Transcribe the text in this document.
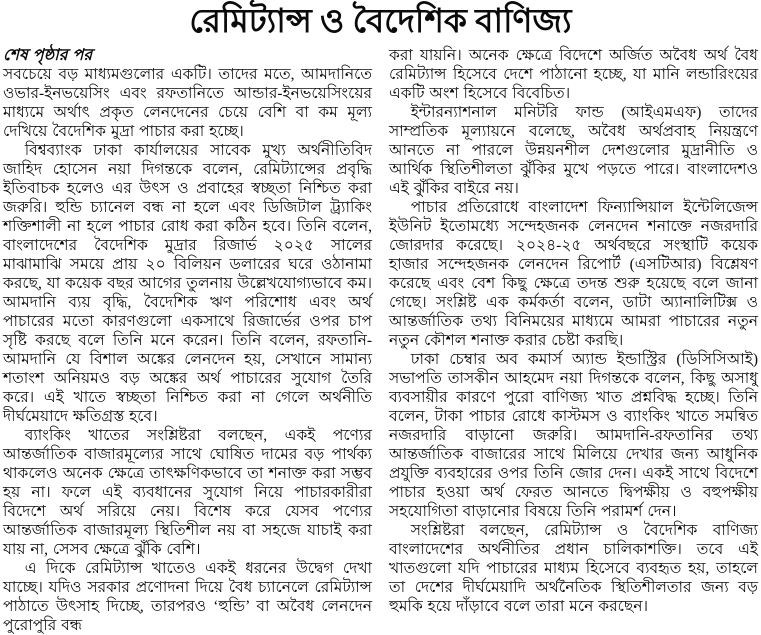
রেমিট্যান্স ও বৈদেশিক বাণিজ্য

শেষ পৃষ্ঠার পর

সবচেয়ে বড় মাধ্যমগুলোর একটি। তাদের মতে, আমদানিতে ওভার-ইনভয়েসিং এবং রফতানিতে আন্ডার-ইনভয়েসিংয়ের মাধ্যমে অর্থাৎ প্রকৃত লেনদেনের চেয়ে বেশি বা কম মূল্য দেখিয়ে বৈদেশিক মুদ্রা পাচার করা হচ্ছে।

বিশ্বব্যাংক ঢাকা কার্যালয়ের সাবেক মুখ্য অর্থনীতিবিদ জাহিদ হোসেন নয়া দিগন্তকে বলেন, রেমিট্যান্সের প্রবৃদ্ধি ইতিবাচক হলেও এর উৎস ও প্রবাহের স্বচ্ছতা নিশ্চিত করা জরুরি। হুন্ডি চ্যানেল বন্ধ না হলে এবং ডিজিটাল ট্র্যাকিং শক্তিশালী না হলে পাচার রোধ করা কঠিন হবে। তিনি বলেন, বাংলাদেশের বৈদেশিক মুদ্রার রিজার্ভ ২০২৫ সালের মাঝামাঝি সময়ে প্রায় ২০ বিলিয়ন ডলারের ঘরে ওঠানামা করছে, যা কয়েক বছর আগের তুলনায় উল্লেখযোগ্যভাবে কম। আমদানি ব্যয় বৃদ্ধি, বৈদেশিক ঋণ পরিশোধ এবং অর্থ পাচারের মতো কারণগুলো একসাথে রিজার্ভের ওপর চাপ সৃষ্টি করছে বলে তিনি মনে করেন। তিনি বলেন, রফতানি-আমদানি যে বিশাল অঙ্কের লেনদেন হয়, সেখানে সামান্য শতাংশ অনিয়মও বড় অঙ্কের অর্থ পাচারের সুযোগ তৈরি করে। এই খাতে স্বচ্ছতা নিশ্চিত করা না গেলে অর্থনীতি দীর্ঘমেয়াদে ক্ষতিগ্রস্ত হবে।

ব্যাংকিং খাতের সংশ্লিষ্টরা বলছেন, একই পণ্যের আন্তর্জাতিক বাজারমূল্যের সাথে ঘোষিত দামের বড় পার্থক্য থাকলেও অনেক ক্ষেত্রে তাৎক্ষণিকভাবে তা শনাক্ত করা সম্ভব হয় না। ফলে এই ব্যবধানের সুযোগ নিয়ে পাচারকারীরা বিদেশে অর্থ সরিয়ে নেয়। বিশেষ করে যেসব পণ্যের আন্তর্জাতিক বাজারমূল্য স্থিতিশীল নয় বা সহজে যাচাই করা যায় না, সেসব ক্ষেত্রে ঝুঁকি বেশি।

এ দিকে রেমিট্যান্স খাতেও একই ধরনের উদ্বেগ দেখা যাচ্ছে। যদিও সরকার প্রণোদনা দিয়ে বৈধ চ্যানেলে রেমিট্যান্স পাঠাতে উৎসাহ দিচ্ছে, তারপরও ‘হুন্ডি’ বা অবৈধ লেনদেন পুরোপুরি বন্ধ

করা যায়নি। অনেক ক্ষেত্রে বিদেশে অর্জিত অবৈধ অর্থ বৈধ রেমিট্যান্স হিসেবে দেশে পাঠানো হচ্ছে, যা মানি লন্ডারিংয়ের একটি অংশ হিসেবে বিবেচিত।

ইন্টারন্যাশনাল মনিটরি ফান্ড (আইএমএফ) তাদের সাম্প্রতিক মূল্যায়নে বলেছে, অবৈধ অর্থপ্রবাহ নিয়ন্ত্রণে আনতে না পারলে উন্নয়নশীল দেশগুলোর মুদ্রানীতি ও আর্থিক স্থিতিশীলতা ঝুঁকির মুখে পড়তে পারে। বাংলাদেশও এই ঝুঁকির বাইরে নয়।

পাচার প্রতিরোধে বাংলাদেশ ফিন্যান্সিয়াল ইন্টেলিজেন্স ইউনিট ইতোমধ্যে সন্দেহজনক লেনদেন শনাক্তে নজরদারি জোরদার করেছে। ২০২৪-২৫ অর্থবছরে সংস্থাটি কয়েক হাজার সন্দেহজনক লেনদেন রিপোর্ট (এসটিআর) বিশ্লেষণ করেছে এবং বেশ কিছু ক্ষেত্রে তদন্ত শুরু হয়েছে বলে জানা গেছে। সংশ্লিষ্ট এক কর্মকর্তা বলেন, ডাটা অ্যানালিটিক্স ও আন্তর্জাতিক তথ্য বিনিময়ের মাধ্যমে আমরা পাচারের নতুন নতুন কৌশল শনাক্ত করার চেষ্টা করছি।

ঢাকা চেম্বার অব কমার্স অ্যান্ড ইন্ডাস্ট্রির (ডিসিসিআই) সভাপতি তাসকীন আহমেদ নয়া দিগন্তকে বলেন, কিছু অসাধু ব্যবসায়ীর কারণে পুরো বাণিজ্য খাত প্রশ্নবিদ্ধ হচ্ছে। তিনি বলেন, টাকা পাচার রোধে কাস্টমস ও ব্যাংকিং খাতে সমন্বিত নজরদারি বাড়ানো জরুরি। আমদানি-রফতানির তথ্য আন্তর্জাতিক বাজারের সাথে মিলিয়ে দেখার জন্য আধুনিক প্রযুক্তি ব্যবহারের ওপর তিনি জোর দেন। একই সাথে বিদেশে পাচার হওয়া অর্থ ফেরত আনতে দ্বিপক্ষীয় ও বহুপক্ষীয় সহযোগিতা বাড়ানোর বিষয়ে তিনি পরামর্শ দেন।

সংশ্লিষ্টরা বলছেন, রেমিট্যান্স ও বৈদেশিক বাণিজ্য বাংলাদেশের অর্থনীতির প্রধান চালিকাশক্তি। তবে এই খাতগুলো যদি পাচারের মাধ্যম হিসেবে ব্যবহৃত হয়, তাহলে তা দেশের দীর্ঘমেয়াদি অর্থনৈতিক স্থিতিশীলতার জন্য বড় হুমকি হয়ে দাঁড়াবে বলে তারা মনে করছেন।
